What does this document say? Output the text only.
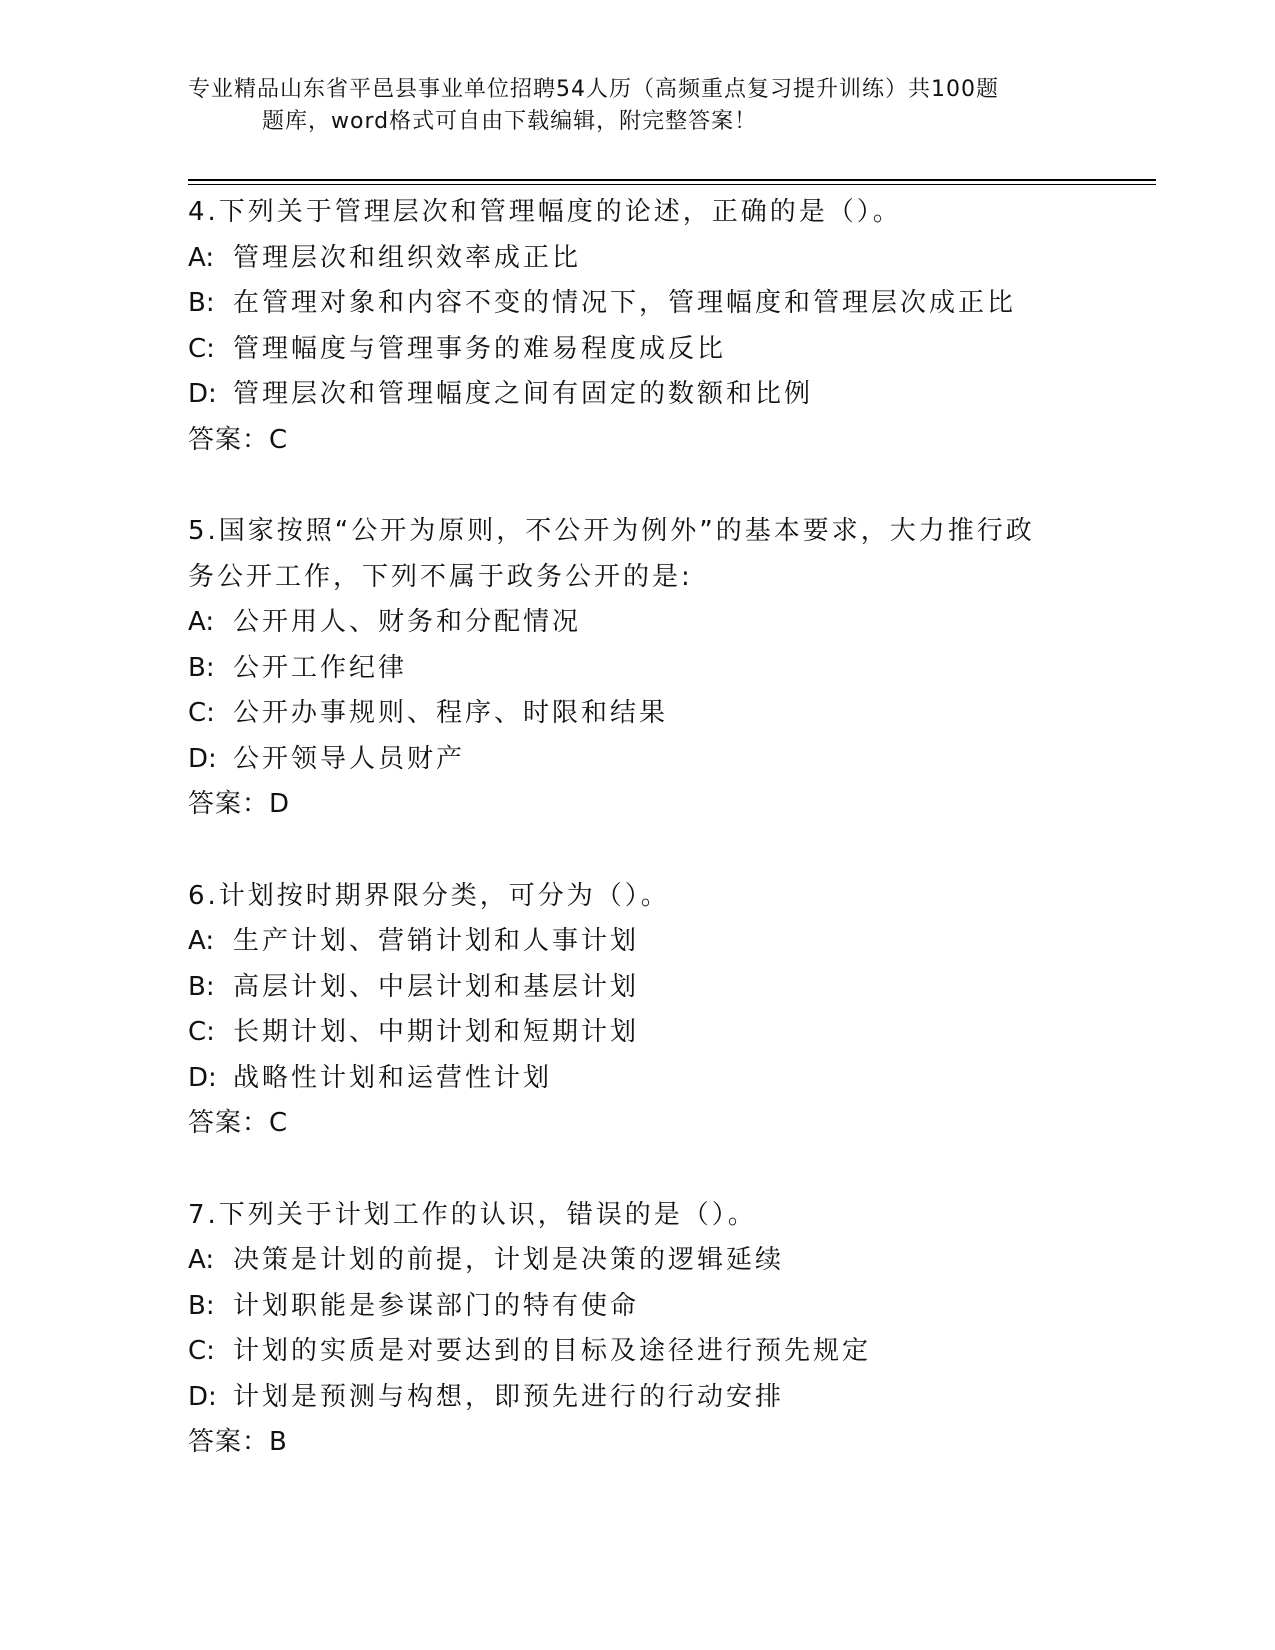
专业精品山东省平邑县事业单位招聘54人历（高频重点复习提升训练）共100题
题库，word格式可自由下载编辑，附完整答案！
4.下列关于管理层次和管理幅度的论述，正确的是（）。
A: 管理层次和组织效率成正比
B: 在管理对象和内容不变的情况下，管理幅度和管理层次成正比
C: 管理幅度与管理事务的难易程度成反比
D: 管理层次和管理幅度之间有固定的数额和比例
答案：C
5.国家按照“公开为原则，不公开为例外”的基本要求，大力推行政
务公开工作，下列不属于政务公开的是:
A: 公开用人、财务和分配情况
B: 公开工作纪律
C: 公开办事规则、程序、时限和结果
D: 公开领导人员财产
答案：D
6.计划按时期界限分类，可分为（）。
A: 生产计划、营销计划和人事计划
B: 高层计划、中层计划和基层计划
C: 长期计划、中期计划和短期计划
D: 战略性计划和运营性计划
答案：C
7.下列关于计划工作的认识，错误的是（）。
A: 决策是计划的前提，计划是决策的逻辑延续
B: 计划职能是参谋部门的特有使命
C: 计划的实质是对要达到的目标及途径进行预先规定
D: 计划是预测与构想，即预先进行的行动安排
答案：B
